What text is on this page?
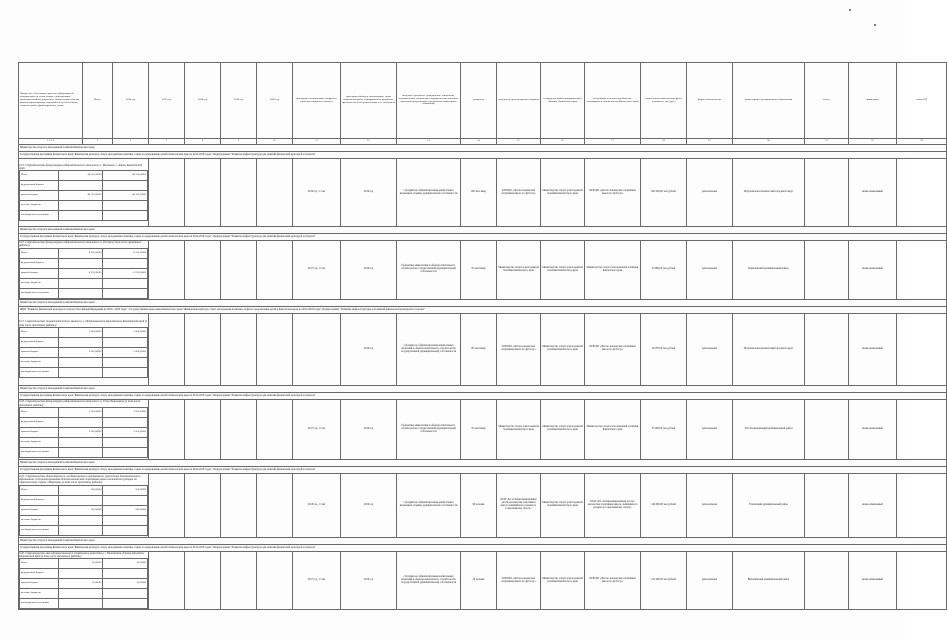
Предметное обоснование проекта: информация об утвержденных (в соответствии с действующим законодательством) документах, наименование объекта, краткая характеристика, виды работ и их обоснование, этапность работ, финансирование, сроки	Итого	2016 год	2017 год	2018 год	2019 год	2020 год	срок ввода в эксплуатацию (мощность, проектная мощность объекта)	срок ввода объекта в эксплуатацию, сроки выполнения работ, мероприятия по разработке проектно-сметной документации и ее экспертизы	сведения о документе (утверждение: заключение, положительные заключения государственных экспертиз проектной документации и результатов инженерных изысканий)	мощность	получатель средств краевого бюджета	государственный (муниципальный) заказчик, Камчатского края	застройщик (в отношении объектов, находящихся в собственности Камчатского края)	сумма оплаты выполненных работ (стоимость, тыс. руб.)	форма собственности	наименование муниципального образования	статус	примечание	номер ПД
1 2 3 4	5	6	7	8	9	10	11	12	13	14	15	16	17	18	19	20	21	22	23
Министерство спорта и молодежной политики Камчатского края
Государственная программа Камчатского края "Физическая культура, спорт, молодежная политика, отдых и оздоровление детей в Камчатском крае на 2014-2018 годы", Подпрограмма "Развитие инфраструктуры для занятий физической культурой и спортом"

9.15. Строительство физкультурно-оздоровительного комплекса в с. Мильково, с. Апача, Камчатский край
Итого	46 150,00000	46 150,00000
федеральный бюджет		
краевой бюджет	46 150,00000	46 150,00000
местные бюджеты		
внебюджетные источники		
					2016 год, 1 этап	2016 год	субсидии на софинансирование капитальных вложений в объекты муниципальной собственности	160 чел/смену	КГБУДО «Детско-юношеская спортивная школа по футболу»	Министерство спорта и молодежной политики Камчатского края	КГБУДО «Детско-юношеская спортивная школа по футболу»	645 000,00 тыс.рублей	региональная	Петропавловск-Камчатский городской округ		вновь начинаемый	
Министерство спорта и молодежной политики Камчатского края
Государственная программа Камчатского края "Физическая культура, спорт, молодежная политика, отдых и оздоровление детей в Камчатском крае на 2014-2018 годы", Подпрограмма "Развитие инфраструктуры для занятий физической культурой и спортом"

9.16. Строительство физкультурно-оздоровительного комплекса в п. Оссора (в том числе проектные работы)
Итого	6 250,00000	6 250,00000
федеральный бюджет		
краевой бюджет	6 250,00000	6 250,00000
местные бюджеты		
внебюджетные источники		
					2017 год, 1 этап	2016 год	бюджетные инвестиции в объекты капитального строительства государственной (муниципальной) собственности	55 чел/смену	Министерство спорта и молодежной политики Камчатского края	Министерство спорта и молодежной политики Камчатского края	Министерство спорта и молодежной политики Камчатского края	25 690,00 тыс.рублей	региональная	Карагинский муниципальный район		вновь начинаемый	
Министерство спорта и молодежной политики Камчатского края
ФЦП "Развитие физической культуры и спорта в Российской Федерации на 2016 - 2020 годы" / Государственная программа Камчатского края "Физическая культура, спорт, молодежная политика, отдых и оздоровление детей в Камчатском крае на 2014-2018 годы", Подпрограмма "Развитие инфраструктуры для занятий физической культурой и спортом"

9.17. Строительство легкоатлетического манежа в г. Петропавловске-Камчатском, Камчатский край (в том числе проектные работы)
Итого	5 000,00000	5 000,00000
федеральный бюджет		
краевой бюджет	5 000,00000	5 000,00000
местные бюджеты		
внебюджетные источники		
						2016 год	субсидии на софинансирование капитальных вложений в объекты капитального строительства государственной (муниципальной) собственности	85 чел/смену	КГБУДО «Детско-юношеская спортивная школа по футболу»	Министерство спорта и молодежной политики Камчатского края	КГБУДО «Детско-юношеская спортивная школа по футболу»	29 070,00 тыс.рублей	региональная	Петропавловск-Камчатский городской округ		вновь начинаемый	
Министерство спорта и молодежной политики Камчатского края
Государственная программа Камчатского края "Физическая культура, спорт, молодежная политика, отдых и оздоровление детей в Камчатском крае на 2014-2018 годы", Подпрограмма "Развитие инфраструктуры для занятий физической культурой и спортом"

9.18. Строительство физкультурно-оздоровительного комплекса в п. Усть-Большерецк (в том числе проектные работы)
Итого	3 500,00000	3 500,00000
федеральный бюджет		
краевой бюджет	3 500,00000	3 500,00000
местные бюджеты		
внебюджетные источники		
					2017 год, 1 этап	2016 год	бюджетные инвестиции в объекты капитального строительства государственной (муниципальной) собственности	55 чел/смену	Министерство спорта и молодежной политики Камчатского края	Министерство спорта и молодежной политики Камчатского края	Министерство спорта и молодежной политики Камчатского края	55 000,00 тыс.рублей	региональная	Усть-Большерецкий муниципальный район		вновь начинаемый	
Министерство спорта и молодежной политики Камчатского края
Государственная программа Камчатского края "Физическая культура, спорт, молодежная политика, отдых и оздоровление детей в Камчатском крае на 2014-2018 годы", Подпрограмма "Развитие инфраструктуры для занятий физической культурой и спортом"

9.19. Строительство здания Краевого государственного автономного учреждения дополнительного образования «Специализированная детско-юношеская спортивная школа олимпийского резерва по горнолыжному спорту «Морозная» (в том числе проектные работы)
Итого	100,00000	100,00000
федеральный бюджет		
краевой бюджет	100,00000	100,00000
местные бюджеты		
внебюджетные источники		
					2018 год, 1 этап	2016 год	субсидии на софинансирование капитальных вложений в объекты муниципальной собственности	90 человек	КГАУ ДО «Специализированная детско-юношеская спортивная школа олимпийского резерва по горнолыжному спорту»	Министерство спорта и молодежной политики Камчатского края	КГАУ ДО «Специализированная детско-юношеская спортивная школа олимпийского резерва по горнолыжному спорту»	149 000,00 тыс.рублей	региональная	Елизовский муниципальный район		вновь начинаемый	
Министерство спорта и молодежной политики Камчатского края
Государственная программа Камчатского края "Физическая культура, спорт, молодежная политика, отдых и оздоровление детей в Камчатском крае на 2014-2018 годы", Подпрограмма "Развитие инфраструктуры для занятий физической культурой и спортом"

9.20. Строительство многофункционального спортивного комплекса в г. Вилючинске, Елизовский район, Камчатский край (в том числе проектные работы)
Итого	30,00000	30,00000
федеральный бюджет		
краевой бюджет	30,00000	30,00000
местные бюджеты		
внебюджетные источники		
					2017 год, 1 этап	2016 год	субсидии на софинансирование капитальных вложений в объекты капитального строительства государственной (муниципальной) собственности	20 человек	КГБУДО «Детско-юношеская спортивная школа по футболу»	Министерство спорта и молодежной политики Камчатского края	КГБУДО «Детско-юношеская спортивная школа по футболу»	125 090,00 тыс.рублей	региональная	Вилючинский муниципальный район		вновь начинаемый	
